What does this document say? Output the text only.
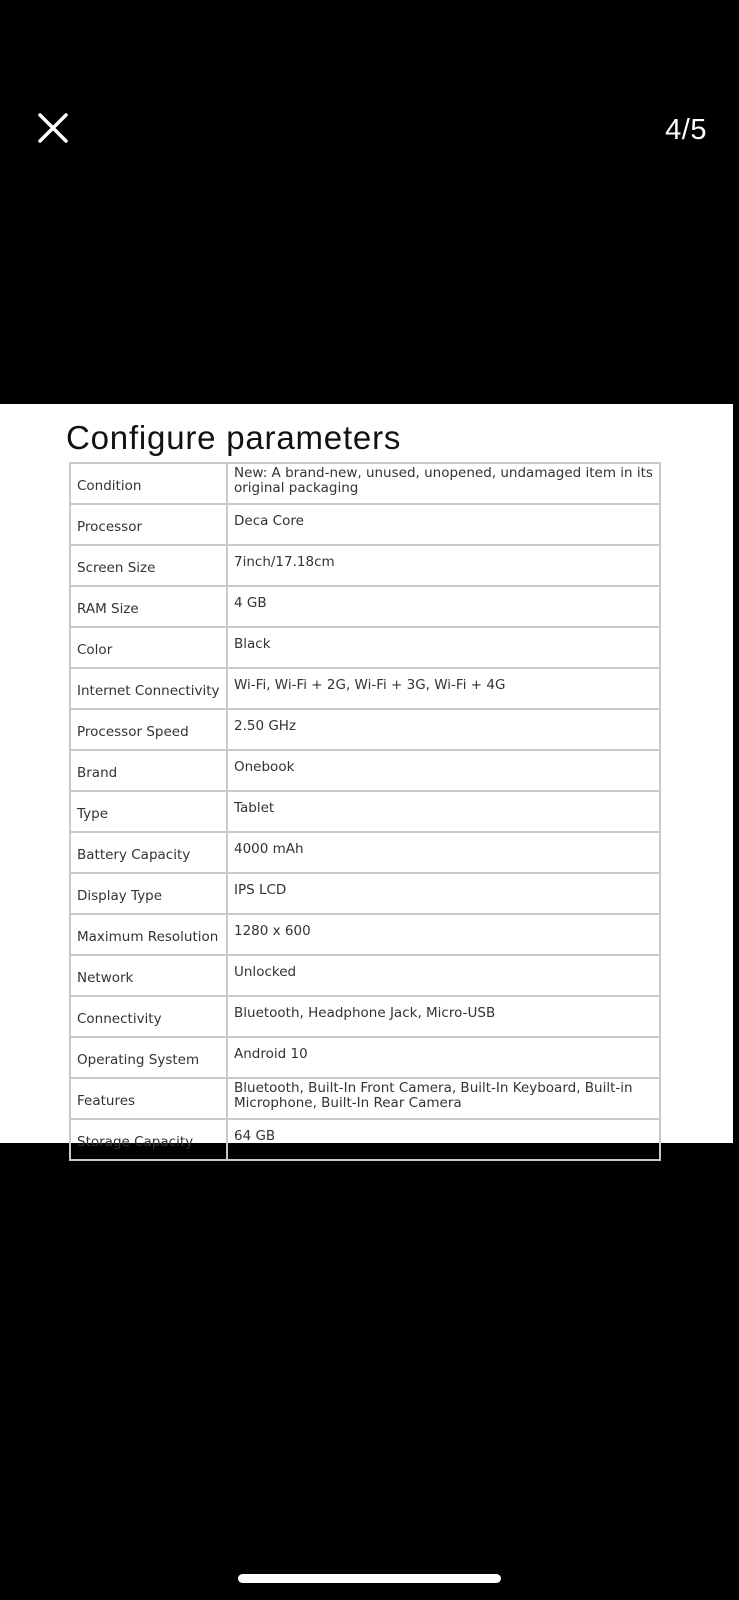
4/5
Configure parameters
Condition	New: A brand-new, unused, unopened, undamaged item in its original packaging
Processor	Deca Core
Screen Size	7inch/17.18cm
RAM Size	4 GB
Color	Black
Internet Connectivity	Wi-Fi, Wi-Fi + 2G, Wi-Fi + 3G, Wi-Fi + 4G
Processor Speed	2.50 GHz
Brand	Onebook
Type	Tablet
Battery Capacity	4000 mAh
Display Type	IPS LCD
Maximum Resolution	1280 x 600
Network	Unlocked
Connectivity	Bluetooth, Headphone Jack, Micro-USB
Operating System	Android 10
Features	Bluetooth, Built-In Front Camera, Built-In Keyboard, Built-in Microphone, Built-In Rear Camera
Storage Capacity	64 GB
